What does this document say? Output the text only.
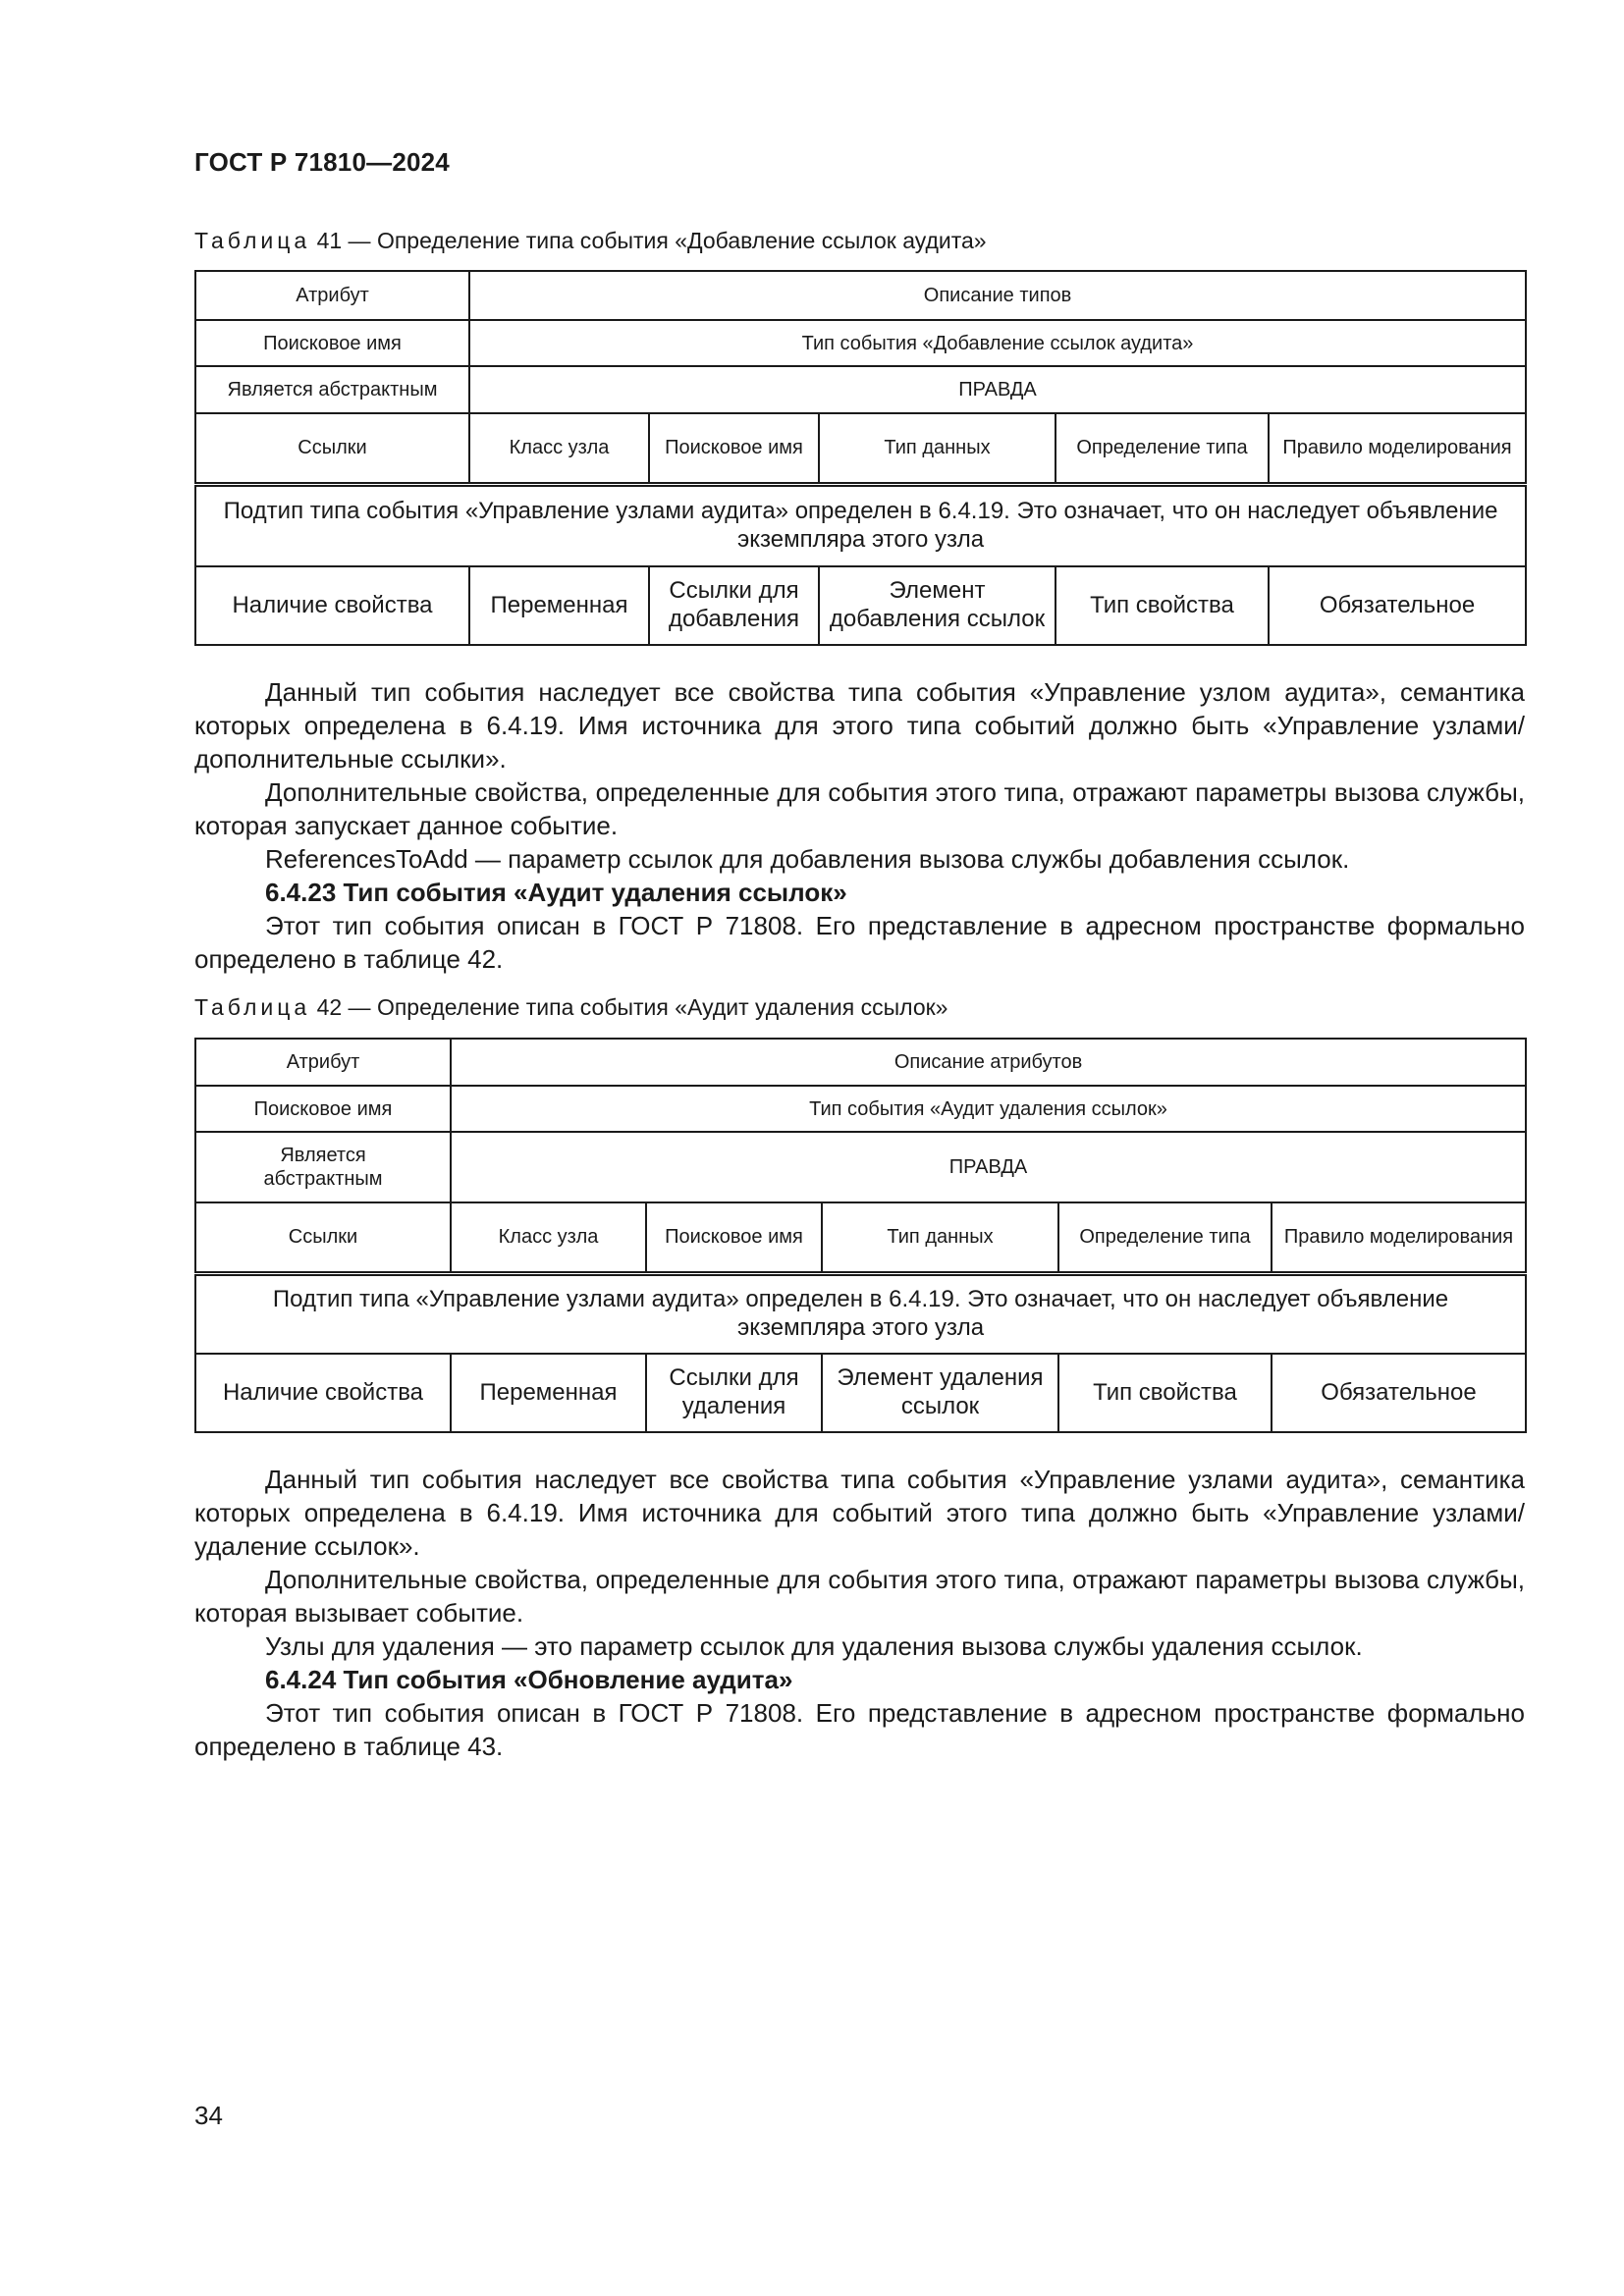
ГОСТ Р 71810—2024
Таблица 41 — Определение типа события «Добавление ссылок аудита»
Атрибут	Описание типов				
Поисковое имя	Тип события «Добавление ссылок аудита»				
Является абстрактным	ПРАВДА				
Ссылки	Класс узла	Поисковое имя	Тип данных	Определение типа	Правило моделирования
Подтип типа события «Управление узлами аудита» определен в 6.4.19. Это означает, что он наследует объявление экземпляра этого узла					
Наличие свойства	Переменная	Ссылки для добавления	Элемент добавления ссылок	Тип свойства	Обязательное

Данный тип события наследует все свойства типа события «Управление узлом аудита», семантика которых определена в 6.4.19. Имя источника для этого типа событий должно быть «Управление узлами/дополнительные ссылки».

Дополнительные свойства, определенные для события этого типа, отражают параметры вызова службы, которая запускает данное событие.

ReferencesToAdd — параметр ссылок для добавления вызова службы добавления ссылок.

6.4.23 Тип события «Аудит удаления ссылок»

Этот тип события описан в ГОСТ Р 71808. Его представление в адресном пространстве формально определено в таблице 42.

Таблица 42 — Определение типа события «Аудит удаления ссылок»
Атрибут	Описание атрибутов				
Поисковое имя	Тип события «Аудит удаления ссылок»				
Является абстрактным	ПРАВДА				
Ссылки	Класс узла	Поисковое имя	Тип данных	Определение типа	Правило моделирования
Подтип типа «Управление узлами аудита» определен в 6.4.19. Это означает, что он наследует объявление экземпляра этого узла					
Наличие свойства	Переменная	Ссылки для удаления	Элемент удаления ссылок	Тип свойства	Обязательное

Данный тип события наследует все свойства типа события «Управление узлами аудита», семантика которых определена в 6.4.19. Имя источника для событий этого типа должно быть «Управление узлами/удаление ссылок».

Дополнительные свойства, определенные для события этого типа, отражают параметры вызова службы, которая вызывает событие.

Узлы для удаления — это параметр ссылок для удаления вызова службы удаления ссылок.

6.4.24 Тип события «Обновление аудита»

Этот тип события описан в ГОСТ Р 71808. Его представление в адресном пространстве формально определено в таблице 43.

34
